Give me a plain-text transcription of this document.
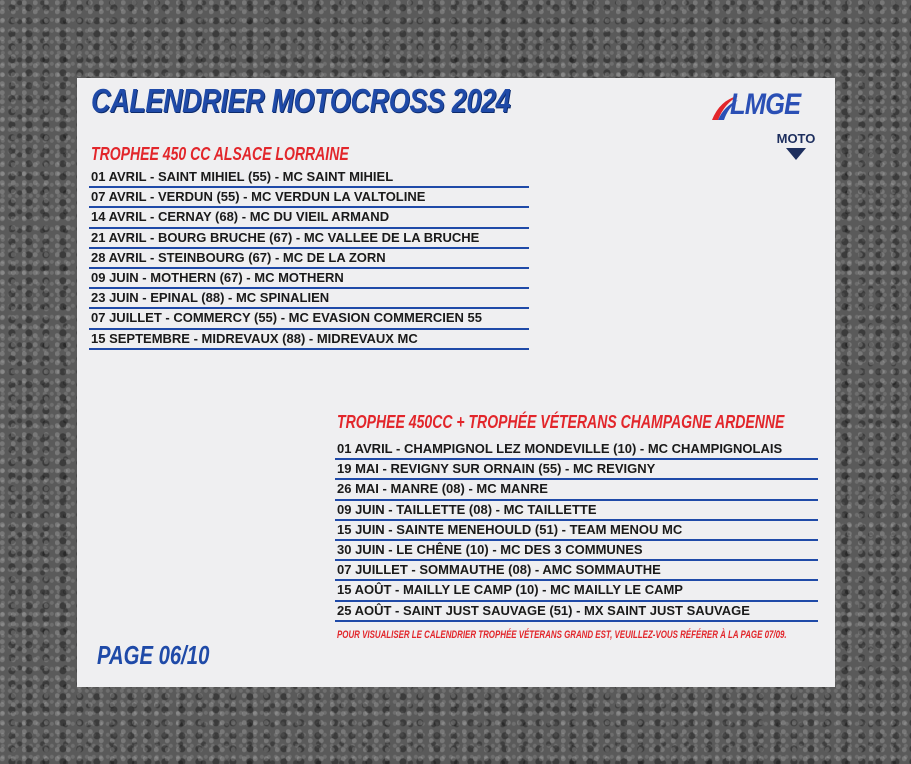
CALENDRIER MOTOCROSS 2024	LMGE
MOTO
TROPHEE 450 CC ALSACE LORRAINE
01 AVRIL - SAINT MIHIEL (55) - MC SAINT MIHIEL
07 AVRIL - VERDUN (55) - MC VERDUN LA VALTOLINE
14 AVRIL - CERNAY (68) - MC DU VIEIL ARMAND
21 AVRIL - BOURG BRUCHE (67) - MC VALLEE DE LA BRUCHE
28 AVRIL - STEINBOURG (67) - MC DE LA ZORN
09 JUIN - MOTHERN (67) - MC MOTHERN
23 JUIN - EPINAL (88) - MC SPINALIEN
07 JUILLET - COMMERCY (55) - MC EVASION COMMERCIEN 55
15 SEPTEMBRE - MIDREVAUX (88) - MIDREVAUX MC
TROPHEE 450CC + TROPHÉE VÉTERANS CHAMPAGNE ARDENNE
01 AVRIL - CHAMPIGNOL LEZ MONDEVILLE (10) - MC CHAMPIGNOLAIS
19 MAI - REVIGNY SUR ORNAIN (55) - MC REVIGNY
26 MAI - MANRE (08) - MC MANRE
09 JUIN - TAILLETTE (08) - MC TAILLETTE
15 JUIN - SAINTE MENEHOULD (51) - TEAM MENOU MC
30 JUIN - LE CHÊNE (10) - MC DES 3 COMMUNES
07 JUILLET - SOMMAUTHE (08) - AMC SOMMAUTHE
15 AOÛT - MAILLY LE CAMP (10) - MC MAILLY LE CAMP
25 AOÛT - SAINT JUST SAUVAGE (51) - MX SAINT JUST SAUVAGE

POUR VISUALISER LE CALENDRIER TROPHÉE VÉTERANS GRAND EST, VEUILLEZ-VOUS RÉFÉRER À LA PAGE 07/09.

PAGE 06/10
